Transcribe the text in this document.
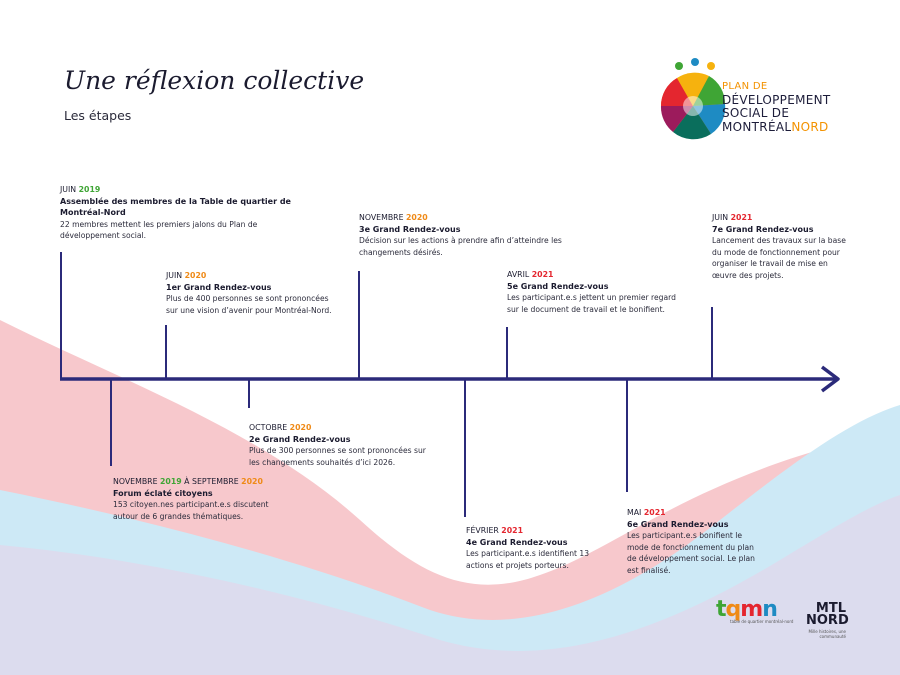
Une réflexion collective
Les étapes
PLAN DE
DÉVELOPPEMENT
SOCIAL DE
MONTRÉALNORD
JUIN 2019
Assemblée des membres de la Table de quartier de Montréal-Nord
22 membres mettent les premiers jalons du Plan de développement social.
NOVEMBRE 2019 À SEPTEMBRE 2020
Forum éclaté citoyens
153 citoyen.nes participant.e.s discutent autour de 6 grandes thématiques.
JUIN 2020
1er Grand Rendez-vous
Plus de 400 personnes se sont prononcées sur une vision d’avenir pour Montréal-Nord.
OCTOBRE 2020
2e Grand Rendez-vous
Plus de 300 personnes se sont prononcées sur les changements souhaités d’ici 2026.
NOVEMBRE 2020
3e Grand Rendez-vous
Décision sur les actions à prendre afin d’atteindre les changements désirés.
FÉVRIER 2021
4e Grand Rendez-vous
Les participant.e.s identifient 13 actions et projets porteurs.
AVRIL 2021
5e Grand Rendez-vous
Les participant.e.s jettent un premier regard sur le document de travail et le bonifient.
MAI 2021
6e Grand Rendez-vous
Les participant.e.s bonifient le mode de fonctionnement du plan de développement social. Le plan est finalisé.
JUIN 2021
7e Grand Rendez-vous
Lancement des travaux sur la base du mode de fonctionnement pour organiser le travail de mise en œuvre des projets.
tqmn
table de quartier montréal-nord
MTL
NORD
Mille histoires, une communauté
